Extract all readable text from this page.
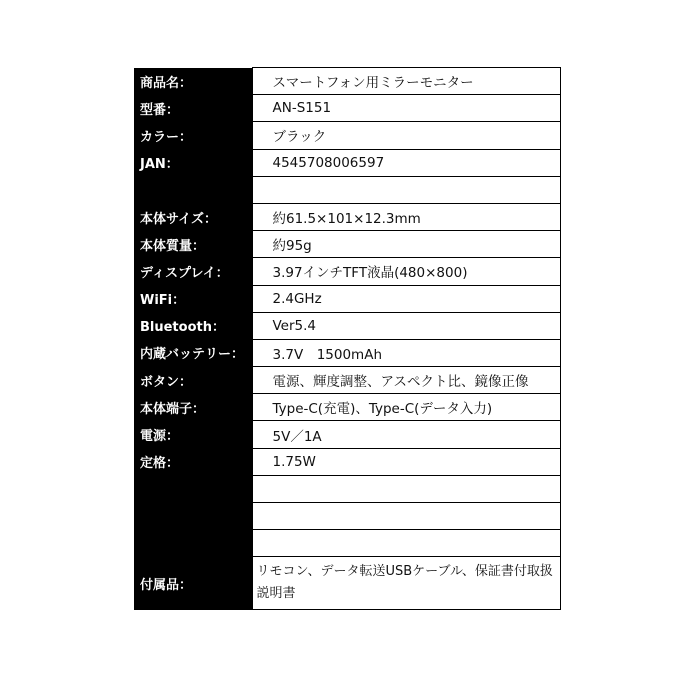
商品名：	スマートフォン用ミラーモニター
型番：	AN-S151
カラー：	ブラック
JAN：	4545708006597

本体サイズ：	約61.5×101×12.3mm
本体質量：	約95g
ディスプレイ：	3.97インチTFT液晶(480×800)
WiFi：	2.4GHz
Bluetooth：	Ver5.4
内蔵バッテリー：	3.7V　1500mAh
ボタン：	電源、輝度調整、アスペクト比、鏡像正像
本体端子：	Type-C(充電)、Type-C(データ入力)
電源：	5V／1A
定格：	1.75W

付属品：	リモコン、データ転送USBケーブル、保証書付取扱説明書
